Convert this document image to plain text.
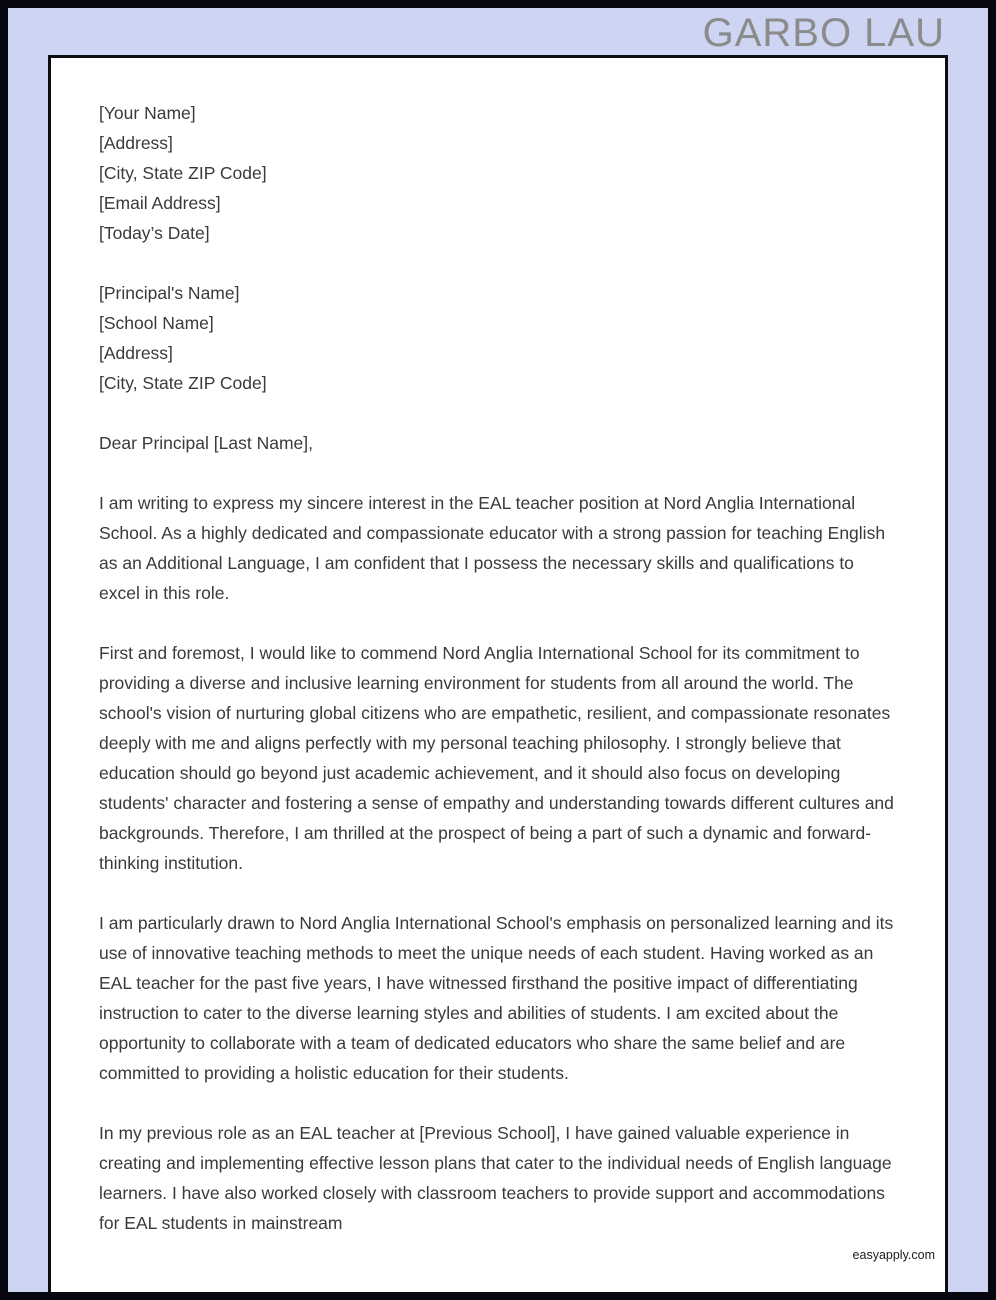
GARBO LAU
[Your Name]
[Address]
[City, State ZIP Code]
[Email Address]
[Today’s Date]
[Principal's Name]
[School Name]
[Address]
[City, State ZIP Code]
Dear Principal [Last Name],

I am writing to express my sincere interest in the EAL teacher position at Nord Anglia International School. As a highly dedicated and compassionate educator with a strong passion for teaching English as an Additional Language, I am confident that I possess the necessary skills and qualifications to excel in this role.

First and foremost, I would like to commend Nord Anglia International School for its commitment to providing a diverse and inclusive learning environment for students from all around the world. The school's vision of nurturing global citizens who are empathetic, resilient, and compassionate resonates deeply with me and aligns perfectly with my personal teaching philosophy. I strongly believe that education should go beyond just academic achievement, and it should also focus on developing students' character and fostering a sense of empathy and understanding towards different cultures and backgrounds. Therefore, I am thrilled at the prospect of being a part of such a dynamic and forward-thinking institution.

I am particularly drawn to Nord Anglia International School's emphasis on personalized learning and its use of innovative teaching methods to meet the unique needs of each student. Having worked as an EAL teacher for the past five years, I have witnessed firsthand the positive impact of differentiating instruction to cater to the diverse learning styles and abilities of students. I am excited about the opportunity to collaborate with a team of dedicated educators who share the same belief and are committed to providing a holistic education for their students.

In my previous role as an EAL teacher at [Previous School], I have gained valuable experience in creating and implementing effective lesson plans that cater to the individual needs of English language learners. I have also worked closely with classroom teachers to provide support and accommodations for EAL students in mainstream

easyapply.com
